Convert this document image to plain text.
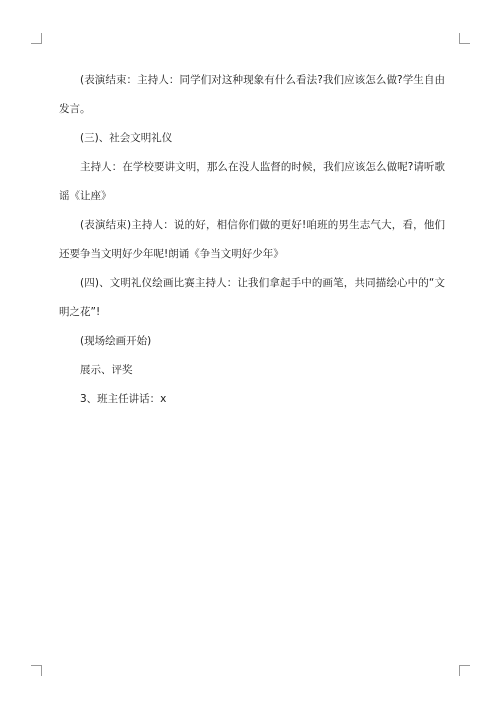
(表演结束：主持人：同学们对这种现象有什么看法?我们应该怎么做?学生自由发言。

(三)、社会文明礼仪

主持人：在学校要讲文明，那么在没人监督的时候，我们应该怎么做呢?请听歌谣《让座》

(表演结束)主持人：说的好，相信你们做的更好!咱班的男生志气大，看，他们还要争当文明好少年呢!朗诵《争当文明好少年》

(四)、文明礼仪绘画比赛主持人：让我们拿起手中的画笔，共同描绘心中的“文明之花”!

(现场绘画开始)

展示、评奖

3、班主任讲话：x
